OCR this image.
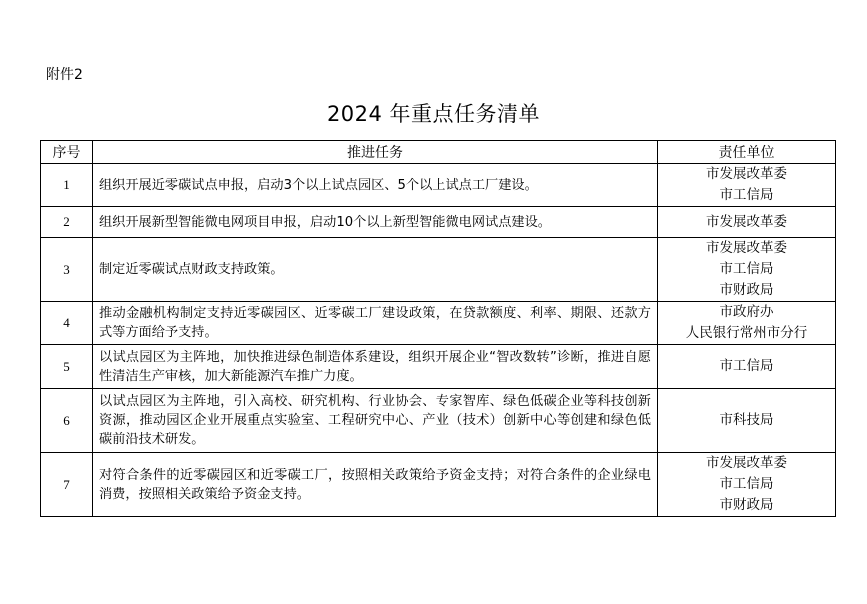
附件2
2024 年重点任务清单
序号	推进任务	责任单位
1	组织开展近零碳试点申报，启动3个以上试点园区、5个以上试点工厂建设。	市发展改革委
市工信局

2	组织开展新型智能微电网项目申报，启动10个以上新型智能微电网试点建设。	市发展改革委

3	制定近零碳试点财政支持政策。	市发展改革委
市工信局
市财政局

4	推动金融机构制定支持近零碳园区、近零碳工厂建设政策，在贷款额度、利率、期限、还款方式等方面给予支持。	市政府办
人民银行常州市分行

5	以试点园区为主阵地，加快推进绿色制造体系建设，组织开展企业“智改数转”诊断，推进自愿性清洁生产审核，加大新能源汽车推广力度。	市工信局

6	以试点园区为主阵地，引入高校、研究机构、行业协会、专家智库、绿色低碳企业等科技创新资源，推动园区企业开展重点实验室、工程研究中心、产业（技术）创新中心等创建和绿色低碳前沿技术研发。	市科技局

7	对符合条件的近零碳园区和近零碳工厂，按照相关政策给予资金支持；对符合条件的企业绿电消费，按照相关政策给予资金支持。	市发展改革委
市工信局
市财政局
